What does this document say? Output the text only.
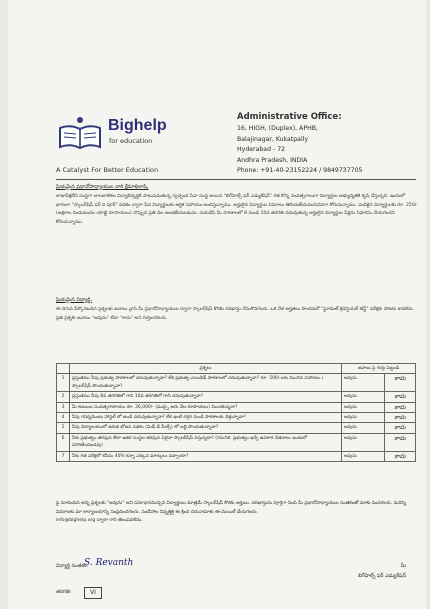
Bighelp
for education
A Catalyst For Better Education
Administrative Office:
16, HIGH, (Duplex), APHB,
Balajinagar, Kukatpally
Hyderabad - 72
Andhra Pradesh, INDIA
Phone: +91-40-23152224 / 9849737705

ప్రియమైన ప్రధానోపాధ్యాయుల వారి క్షేమాభిలాషి,

లాభాపేక్షలేని సంస్థగా బాలబాలికల విద్యాభివృద్ధికి పాటుపడుతున్న స్వచ్ఛంద సేవా సంస్థ అయిన "బిగ్‌హెల్ప్ ఫర్ ఎడ్యుకేషన్" గత కొన్ని సంవత్సరాలుగా విద్యార్థుల అభ్యున్నతికి కృషి చేస్తున్నది. ఇందులో భాగంగా "స్కాలర్‌షిప్ ఫర్ ది పూర్" పథకం ద్వారా పేద విద్యార్థులకు ఆర్థిక సహాయం అందిస్తున్నాము. అర్హులైన విద్యార్థుల వివరాలు తెలియజేయవలసినదిగా కోరుచున్నాము. ఎంపికైన విద్యార్థులకు రూ. 250/- (అక్షరాల రెండువందల యాభై రూపాయలు) చొప్పున ప్రతి నెల అందజేయబడును. దయచేసి మీ పాఠశాలలో 8 నుండి 10వ తరగతి చదువుతున్న అర్హులైన విద్యార్థుల పేర్లను సిఫారసు చేయగలరని కోరుచున్నాము.

ప్రియమైన విద్యార్థి,

ఈ దిగువ పేర్కొనబడిన ప్రశ్నలకు జవాబు వ్రాసి మీ ప్రధానోపాధ్యాయుల ద్వారా స్కాలర్‌షిప్ కొరకు దరఖాస్తు చేసుకొనగలరు. ఒక వేళ అర్హతలు పొందినచో "స్టూడెంట్ క్రెడెన్షియల్ టెస్ట్" పరీక్షకు హాజరు కావలెను. ప్రతి ప్రశ్నకు జవాబు "అవును" లేదా "కాదు" అని గుర్తించగలరు.

	ప్రశ్నలు	జవాబు పై గుర్తు పెట్టండి	
1	ప్రస్తుతము నీవు ప్రభుత్వ పాఠశాలలో చదువుతున్నావా? లేక ప్రభుత్వ ఎయిడెడ్ పాఠశాలలో చదువుతున్నావా? రూ. 500/-లకు మించిన సహాయం / స్కాలర్‌షిప్ పొందుతున్నావా?	అవును	కాదు
2	ప్రస్తుతము నీవు 8వ తరగతిలో గాని 10వ తరగతిలో గాని చదువుతున్నావా?	అవును	కాదు
3	మీ కుటుంబ సంవత్సరాదాయం రూ. 36,000/- (ముప్పై ఆరు వేల రూపాయలు) మించకున్నదా?	అవును	కాదు
4	నీవు గవర్నమెంటు హాస్టల్ లో ఉండి చదువుతున్నావా? లేక ఇంటి దగ్గర నుండి పాఠశాలకు వెళ్తున్నావా?	అవును	కాదు
5	నీవు విద్యాలయంలో ఉచిత భోజన పథకం (మిడ్ డే మీల్స్) లో లబ్ధి పొందుతున్నావా?	అవును	కాదు
6	నీకు ప్రభుత్వం తరఫున లేదా ఇతర సంస్థల తరఫున ఏదైనా స్కాలర్‌షిప్ వస్తున్నదా? (గమనిక: ప్రభుత్వం ఇచ్చే ఉపకార వేతనాలు ఇందులో పరిగణించబడవు)	అవును	కాదు
7	నీకు గత పరీక్షలో కనీసం 40% కన్నా ఎక్కువ మార్కులు వచ్చాయా?	అవును	కాదు

పై సూచించిన అన్ని ప్రశ్నలకు "అవును" అని సమాధానమిచ్చిన విద్యార్థులు మాత్రమే స్కాలర్‌షిప్ కొరకు అర్హులు. దరఖాస్తును పూర్తిగా నింపి మీ ప్రధానోపాధ్యాయుల సంతకంతో మాకు పంపగలరు. మరిన్ని వివరాలకు మా కార్యాలయాన్ని సంప్రదించగలరు. సందేహాల నివృత్తికై ఈ క్రింది చిరునామాకు ఈ-మెయిల్ చేయగలరు.

info@bighelp.org ద్వారా గాని తెలుపవలెను.

విద్యార్థి సంతకం:
S. Revanth
తరగతి:	VI
మీ
బిగ్‌హెల్ప్ ఫర్ ఎడ్యుకేషన్
